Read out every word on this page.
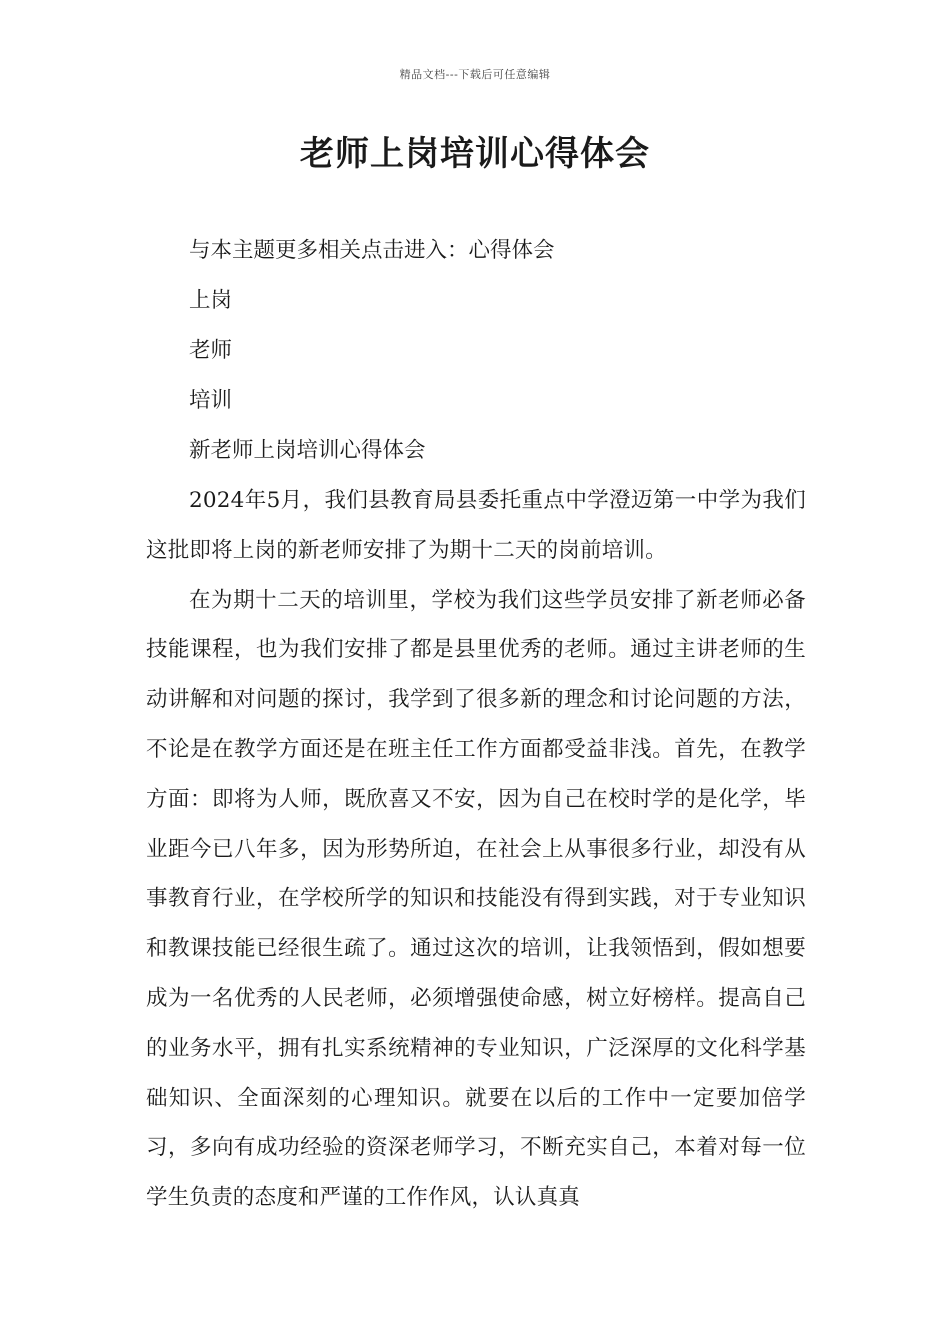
精品文档---下载后可任意编辑
老师上岗培训心得体会

与本主题更多相关点击进入：心得体会

上岗

老师

培训

新老师上岗培训心得体会

2024年5月，我们县教育局县委托重点中学澄迈第一中学为我们这批即将上岗的新老师安排了为期十二天的岗前培训。

在为期十二天的培训里，学校为我们这些学员安排了新老师必备技能课程，也为我们安排了都是县里优秀的老师。通过主讲老师的生动讲解和对问题的探讨，我学到了很多新的理念和讨论问题的方法，不论是在教学方面还是在班主任工作方面都受益非浅。首先，在教学方面：即将为人师，既欣喜又不安，因为自己在校时学的是化学，毕业距今已八年多，因为形势所迫，在社会上从事很多行业，却没有从事教育行业，在学校所学的知识和技能没有得到实践，对于专业知识和教课技能已经很生疏了。通过这次的培训，让我领悟到，假如想要成为一名优秀的人民老师，必须增强使命感，树立好榜样。提高自己的业务水平，拥有扎实系统精神的专业知识，广泛深厚的文化科学基础知识、全面深刻的心理知识。就要在以后的工作中一定要加倍学习，多向有成功经验的资深老师学习，不断充实自己，本着对每一位学生负责的态度和严谨的工作作风，认认真真
